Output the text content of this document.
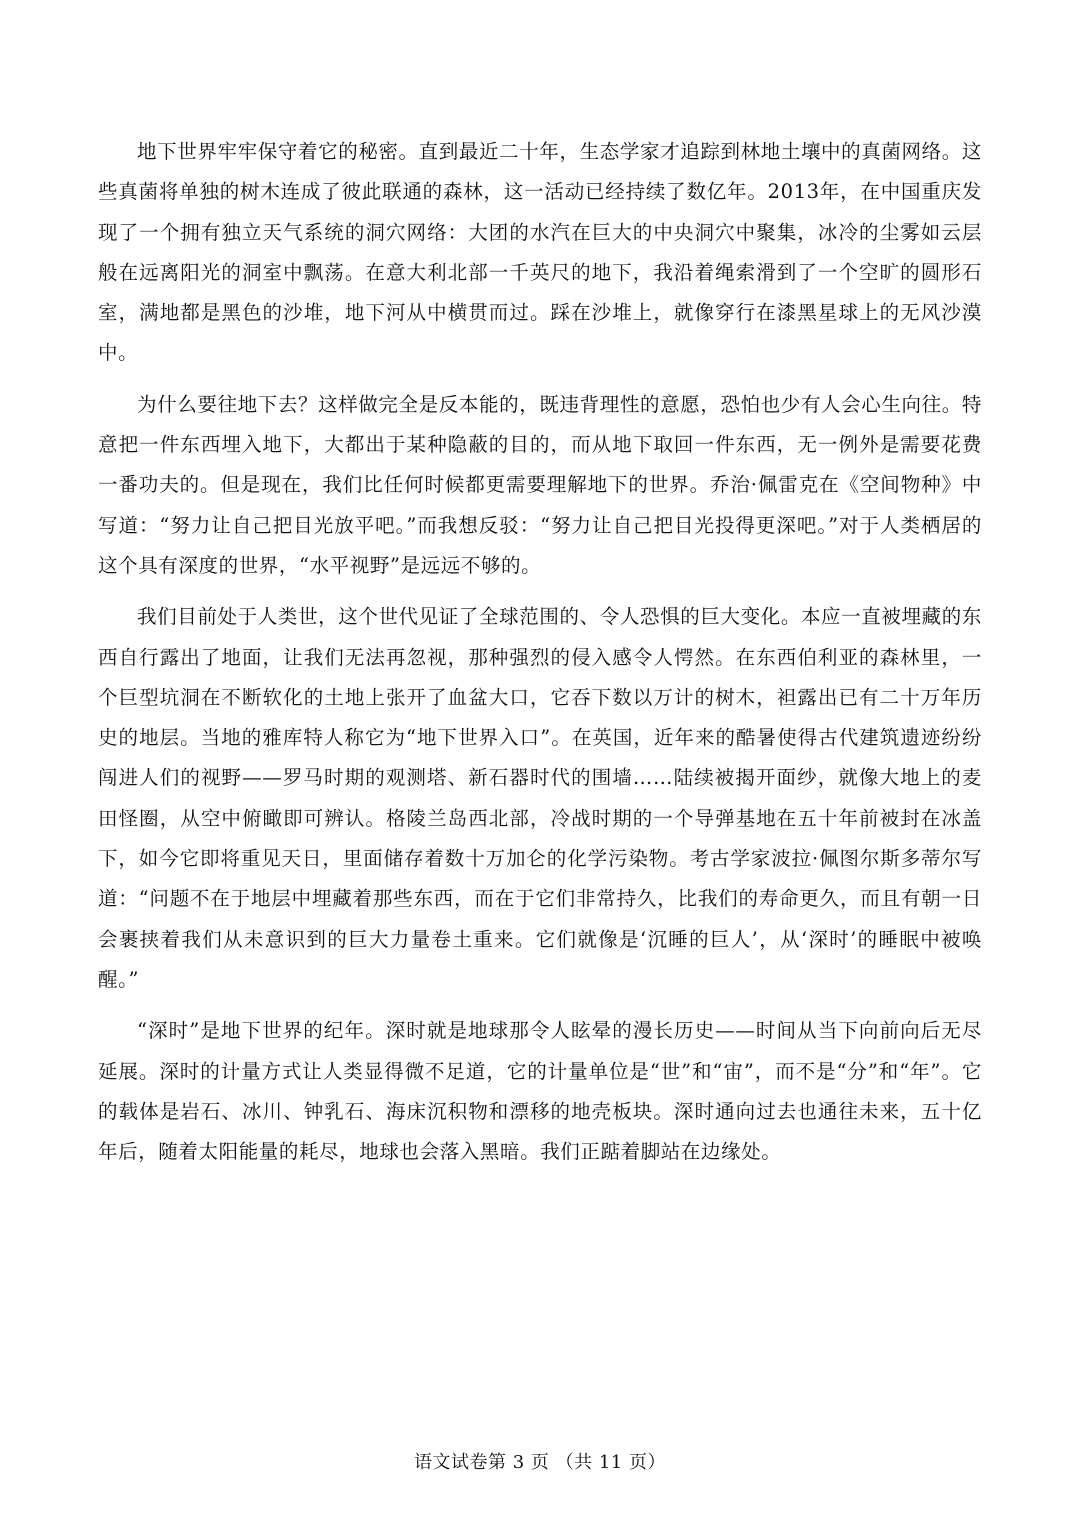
地下世界牢牢保守着它的秘密。直到最近二十年，生态学家才追踪到林地土壤中的真菌网络。这些真菌将单独的树木连成了彼此联通的森林，这一活动已经持续了数亿年。2013年，在中国重庆发现了一个拥有独立天气系统的洞穴网络：大团的水汽在巨大的中央洞穴中聚集，冰冷的尘雾如云层般在远离阳光的洞室中飘荡。在意大利北部一千英尺的地下，我沿着绳索滑到了一个空旷的圆形石室，满地都是黑色的沙堆，地下河从中横贯而过。踩在沙堆上，就像穿行在漆黑星球上的无风沙漠中。

为什么要往地下去？这样做完全是反本能的，既违背理性的意愿，恐怕也少有人会心生向往。特意把一件东西埋入地下，大都出于某种隐蔽的目的，而从地下取回一件东西，无一例外是需要花费一番功夫的。但是现在，我们比任何时候都更需要理解地下的世界。乔治·佩雷克在《空间物种》中写道：“努力让自己把目光放平吧。”而我想反驳：“努力让自己把目光投得更深吧。”对于人类栖居的这个具有深度的世界，“水平视野”是远远不够的。

我们目前处于人类世，这个世代见证了全球范围的、令人恐惧的巨大变化。本应一直被埋藏的东西自行露出了地面，让我们无法再忽视，那种强烈的侵入感令人愕然。在东西伯利亚的森林里，一个巨型坑洞在不断软化的土地上张开了血盆大口，它吞下数以万计的树木，袒露出已有二十万年历史的地层。当地的雅库特人称它为“地下世界入口”。在英国，近年来的酷暑使得古代建筑遗迹纷纷闯进人们的视野——罗马时期的观测塔、新石器时代的围墙……陆续被揭开面纱，就像大地上的麦田怪圈，从空中俯瞰即可辨认。格陵兰岛西北部，冷战时期的一个导弹基地在五十年前被封在冰盖下，如今它即将重见天日，里面储存着数十万加仑的化学污染物。考古学家波拉·佩图尔斯多蒂尔写道：“问题不在于地层中埋藏着那些东西，而在于它们非常持久，比我们的寿命更久，而且有朝一日会裹挟着我们从未意识到的巨大力量卷土重来。它们就像是‘沉睡的巨人’，从‘深时’的睡眠中被唤醒。”

“深时”是地下世界的纪年。深时就是地球那令人眩晕的漫长历史——时间从当下向前向后无尽延展。深时的计量方式让人类显得微不足道，它的计量单位是“世”和“宙”，而不是“分”和“年”。它的载体是岩石、冰川、钟乳石、海床沉积物和漂移的地壳板块。深时通向过去也通往未来，五十亿年后，随着太阳能量的耗尽，地球也会落入黑暗。我们正踮着脚站在边缘处。

语文试卷第 3 页 （共 11 页）
